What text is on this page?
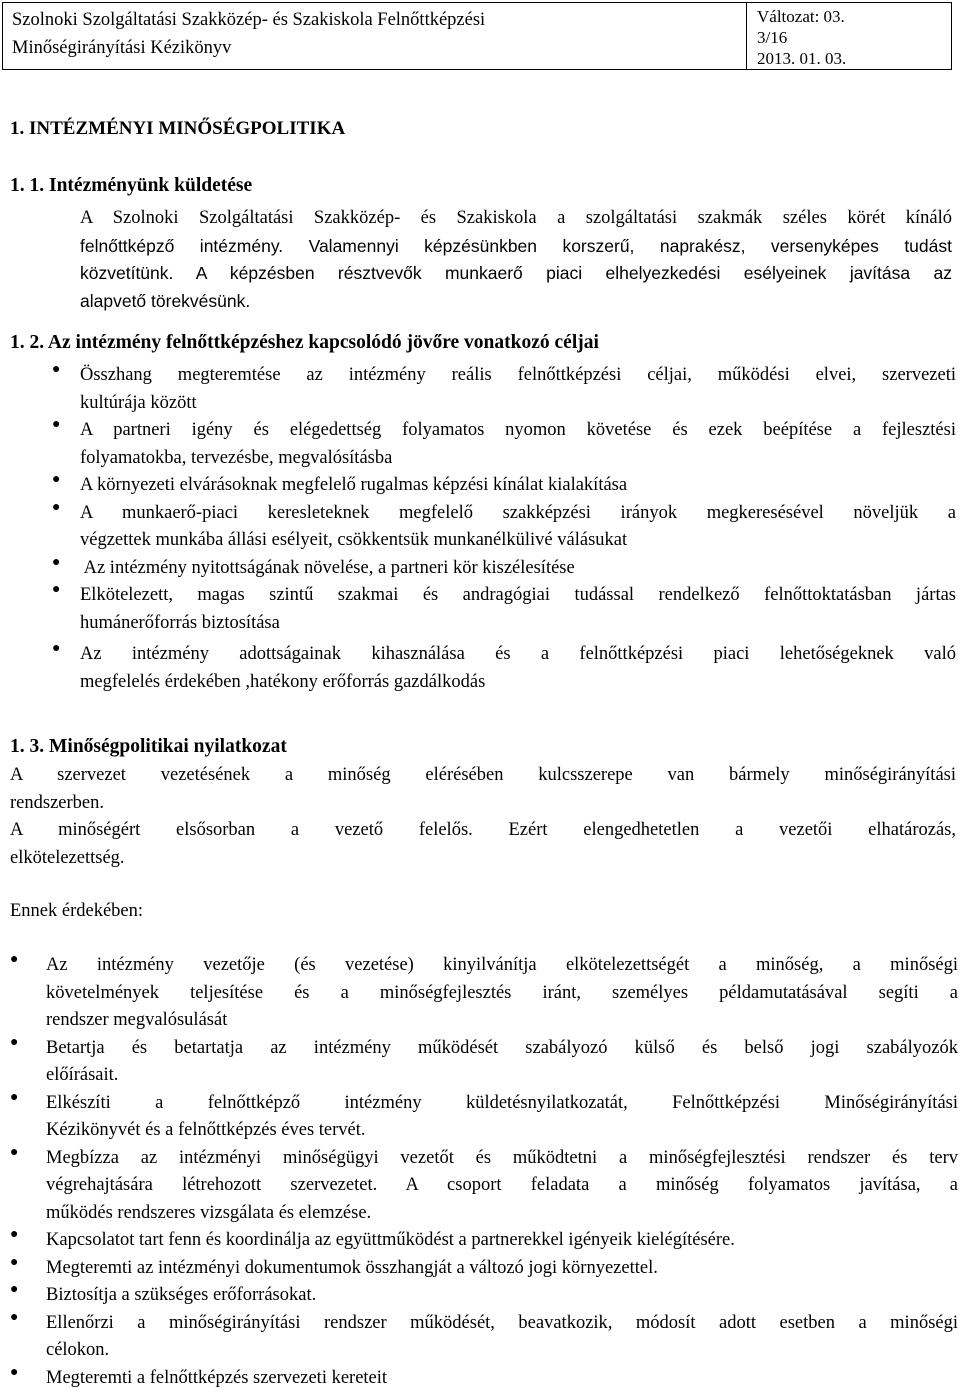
Szolnoki Szolgáltatási Szakközép- és Szakiskola Felnőttképzési
Minőségirányítási Kézikönyv
Változat: 03.
3/16
2013. 01. 03.
1. INTÉZMÉNYI MINŐSÉGPOLITIKA
1. 1. Intézményünk küldetése
A Szolnoki Szolgáltatási Szakközép- és Szakiskola a szolgáltatási szakmák széles körét kínáló
felnőttképző intézmény. Valamennyi képzésünkben korszerű, naprakész, versenyképes tudást
közvetítünk. A képzésben résztvevők munkaerő piaci elhelyezkedési esélyeinek javítása az
alapvető törekvésünk.
1. 2. Az intézmény felnőttképzéshez kapcsolódó jövőre vonatkozó céljai
● Összhang megteremtése az intézmény reális felnőttképzési céljai, működési elvei, szervezeti
kultúrája között
● A partneri igény és elégedettség folyamatos nyomon követése és ezek beépítése a fejlesztési
folyamatokba, tervezésbe, megvalósításba
● A környezeti elvárásoknak megfelelő rugalmas képzési kínálat kialakítása
● A munkaerő-piaci keresleteknek megfelelő szakképzési irányok megkeresésével növeljük a
végzettek munkába állási esélyeit, csökkentsük munkanélkülivé válásukat
● Az intézmény nyitottságának növelése, a partneri kör kiszélesítése
● Elkötelezett, magas szintű szakmai és andragógiai tudással rendelkező felnőttoktatásban jártas
humánerőforrás biztosítása
● Az intézmény adottságainak kihasználása és a felnőttképzési piaci lehetőségeknek való
megfelelés érdekében ,hatékony erőforrás gazdálkodás
1. 3. Minőségpolitikai nyilatkozat
A szervezet vezetésének a minőség elérésében kulcsszerepe van bármely minőségirányítási
rendszerben.
A minőségért elsősorban a vezető felelős. Ezért elengedhetetlen a vezetői elhatározás,
elkötelezettség.
Ennek érdekében:
● Az intézmény vezetője (és vezetése) kinyilvánítja elkötelezettségét a minőség, a minőségi
követelmények teljesítése és a minőségfejlesztés iránt, személyes példamutatásával segíti a
rendszer megvalósulását
● Betartja és betartatja az intézmény működését szabályozó külső és belső jogi szabályozók
előírásait.
● Elkészíti a felnőttképző intézmény küldetésnyilatkozatát, Felnőttképzési Minőségirányítási
Kézikönyvét és a felnőttképzés éves tervét.
● Megbízza az intézményi minőségügyi vezetőt és működtetni a minőségfejlesztési rendszer és terv
végrehajtására létrehozott szervezetet. A csoport feladata a minőség folyamatos javítása, a
működés rendszeres vizsgálata és elemzése.
● Kapcsolatot tart fenn és koordinálja az együttműködést a partnerekkel igényeik kielégítésére.
● Megteremti az intézményi dokumentumok összhangját a változó jogi környezettel.
● Biztosítja a szükséges erőforrásokat.
● Ellenőrzi a minőségirányítási rendszer működését, beavatkozik, módosít adott esetben a minőségi
célokon.
● Megteremti a felnőttképzés szervezeti kereteit
